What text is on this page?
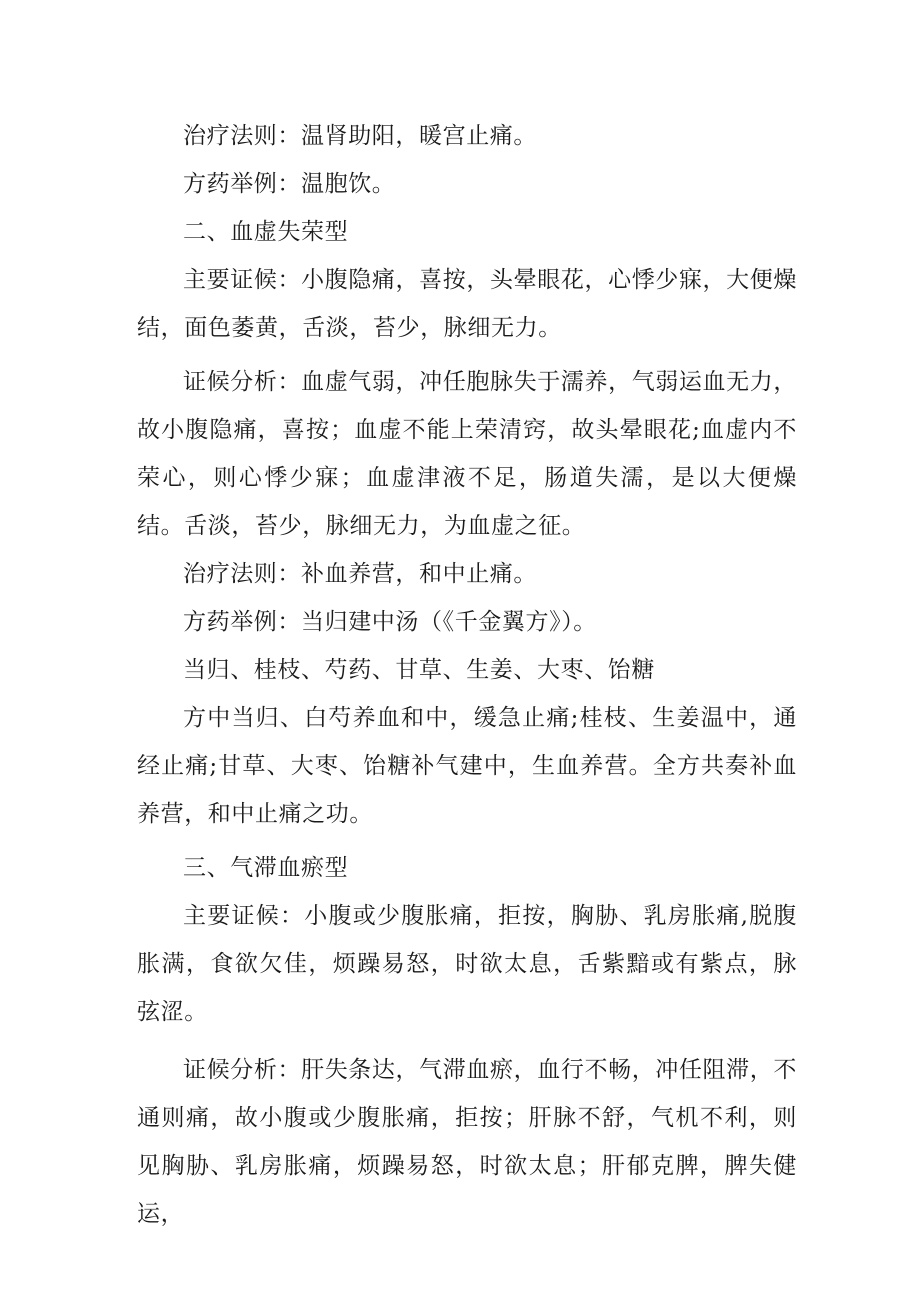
治疗法则：温肾助阳，暖宫止痛。

方药举例：温胞饮。

二、血虚失荣型

主要证候：小腹隐痛，喜按，头晕眼花，心悸少寐，大便燥结，面色萎黄，舌淡，苔少，脉细无力。

证候分析：血虚气弱，冲任胞脉失于濡养，气弱运血无力，故小腹隐痛，喜按；血虚不能上荣清窍，故头晕眼花;血虚内不荣心，则心悸少寐；血虚津液不足，肠道失濡，是以大便燥结。舌淡，苔少，脉细无力，为血虚之征。

治疗法则：补血养营，和中止痛。

方药举例：当归建中汤（《千金翼方》）。

当归、桂枝、芍药、甘草、生姜、大枣、饴糖

方中当归、白芍养血和中，缓急止痛;桂枝、生姜温中，通经止痛;甘草、大枣、饴糖补气建中，生血养营。全方共奏补血养营，和中止痛之功。

三、气滞血瘀型

主要证候：小腹或少腹胀痛，拒按，胸胁、乳房胀痛,脱腹胀满，食欲欠佳，烦躁易怒，时欲太息，舌紫黯或有紫点，脉弦涩。

证候分析：肝失条达，气滞血瘀，血行不畅，冲任阻滞，不通则痛，故小腹或少腹胀痛，拒按；肝脉不舒，气机不利，则见胸胁、乳房胀痛，烦躁易怒，时欲太息；肝郁克脾，脾失健运，
